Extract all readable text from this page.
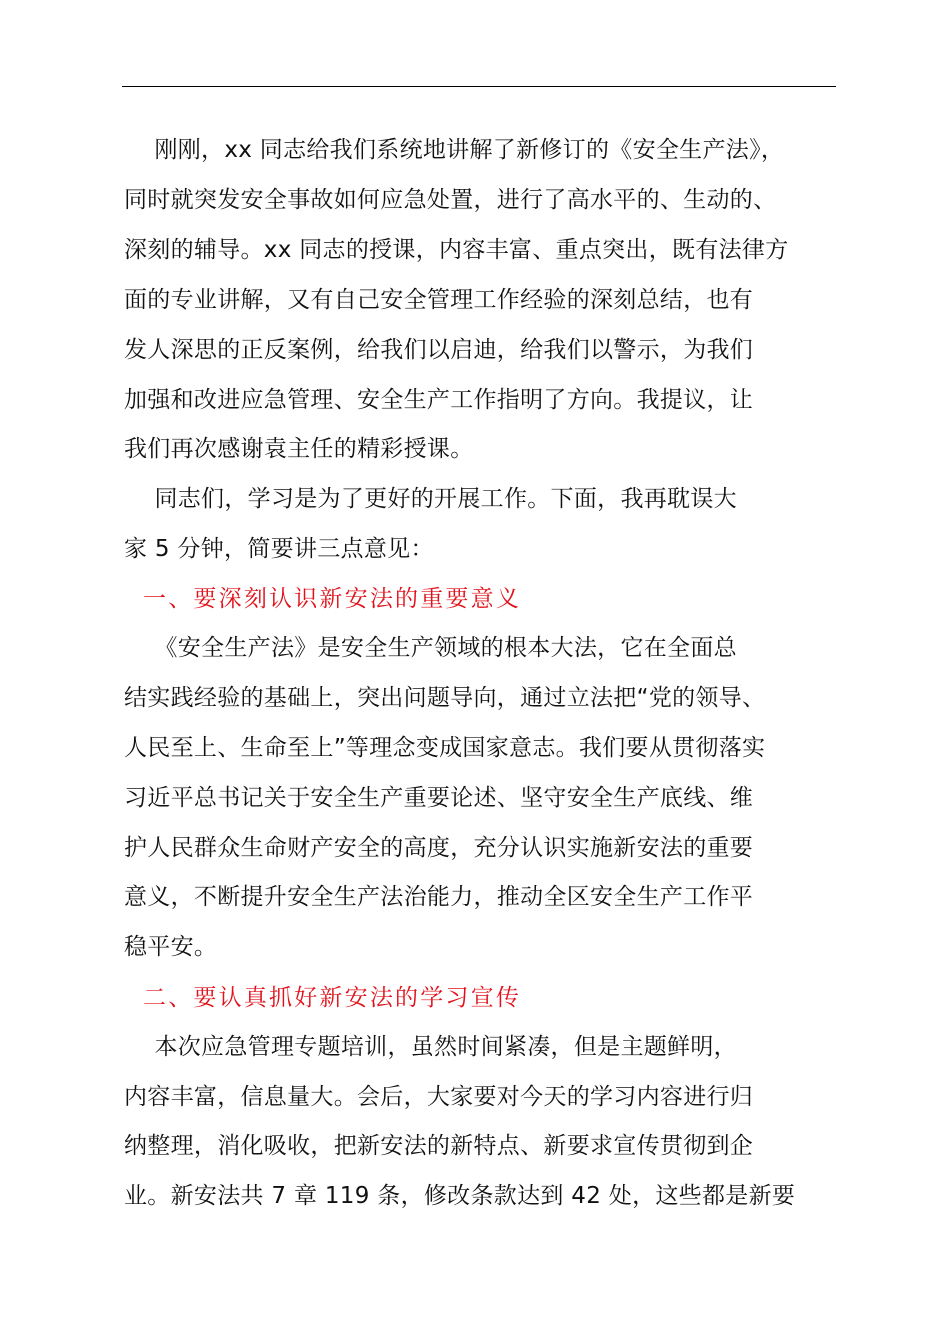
刚刚，xx 同志给我们系统地讲解了新修订的《安全生产法》，
同时就突发安全事故如何应急处置，进行了高水平的、生动的、
深刻的辅导。xx 同志的授课，内容丰富、重点突出，既有法律方
面的专业讲解，又有自己安全管理工作经验的深刻总结，也有
发人深思的正反案例，给我们以启迪，给我们以警示，为我们
加强和改进应急管理、安全生产工作指明了方向。我提议，让
我们再次感谢袁主任的精彩授课。
同志们，学习是为了更好的开展工作。下面，我再耽误大
家 5 分钟，简要讲三点意见：
一、要深刻认识新安法的重要意义
《安全生产法》是安全生产领域的根本大法，它在全面总
结实践经验的基础上，突出问题导向，通过立法把“党的领导、
人民至上、生命至上”等理念变成国家意志。我们要从贯彻落实
习近平总书记关于安全生产重要论述、坚守安全生产底线、维
护人民群众生命财产安全的高度，充分认识实施新安法的重要
意义，不断提升安全生产法治能力，推动全区安全生产工作平
稳平安。
二、要认真抓好新安法的学习宣传
本次应急管理专题培训，虽然时间紧凑，但是主题鲜明，
内容丰富，信息量大。会后，大家要对今天的学习内容进行归
纳整理，消化吸收，把新安法的新特点、新要求宣传贯彻到企
业。新安法共 7 章 119 条，修改条款达到 42 处，这些都是新要
